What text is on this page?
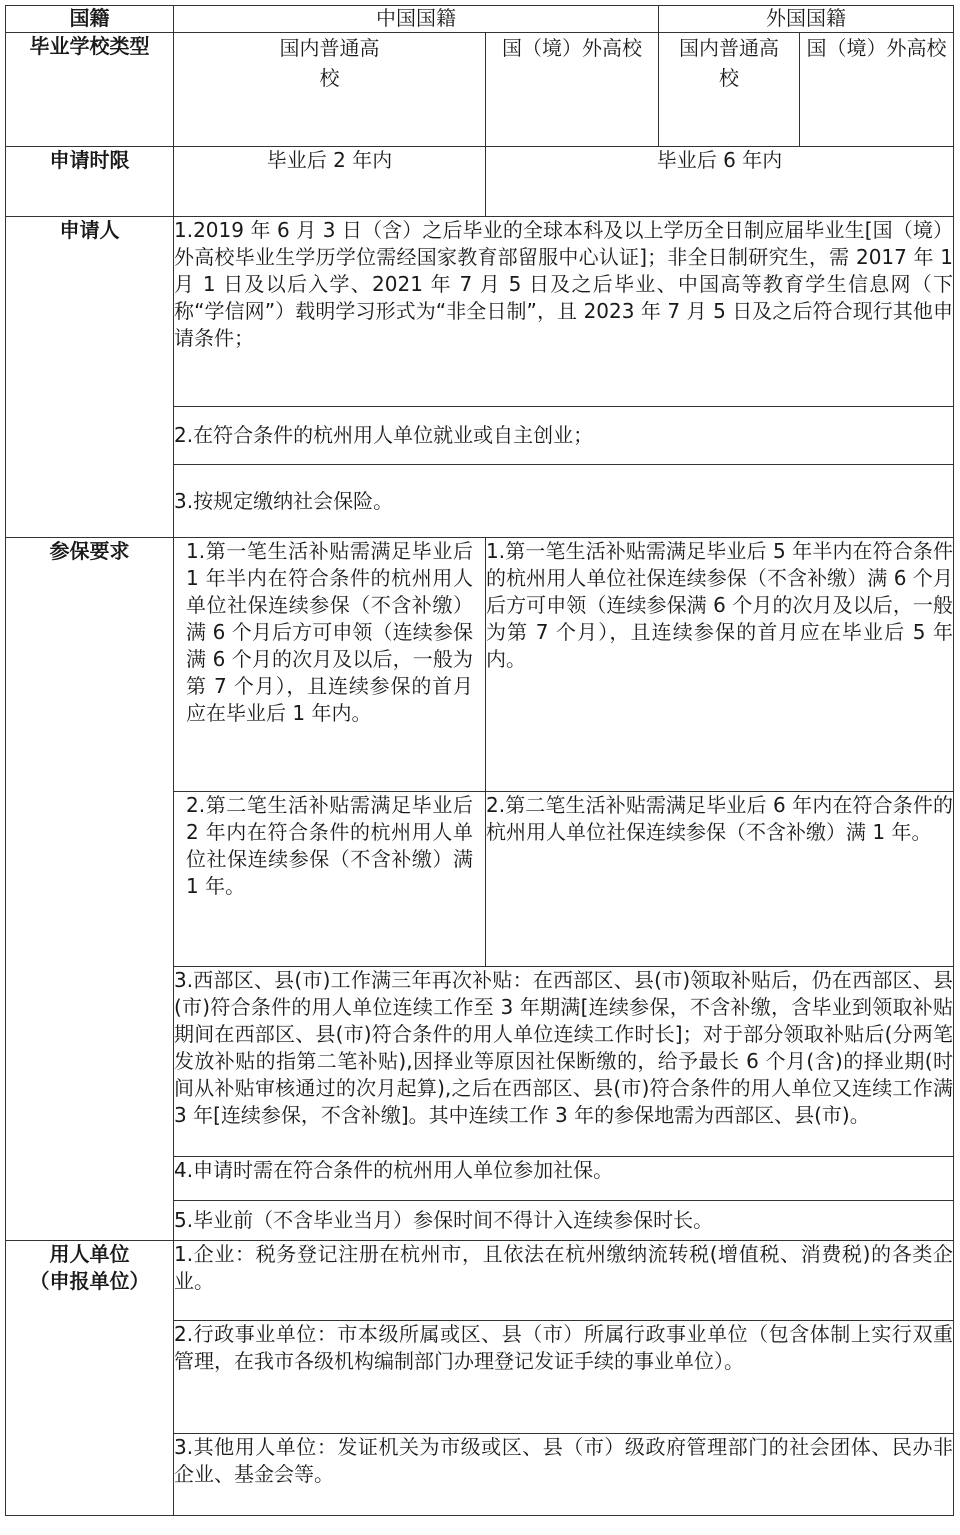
国籍	中国国籍		外国国籍	
毕业学校类型	国内普通高校	国（境）外高校	国内普通高校	国（境）外高校
申请时限	毕业后 2 年内	毕业后 6 年内		
申请人	1.2019 年 6 月 3 日（含）之后毕业的全球本科及以上学历全日制应届毕业生[国（境）外高校毕业生学历学位需经国家教育部留服中心认证]；非全日制研究生，需 2017 年 1 月 1 日及以后入学、2021 年 7 月 5 日及之后毕业、中国高等教育学生信息网（下称“学信网”）载明学习形式为“非全日制”，且 2023 年 7 月 5 日及之后符合现行其他申请条件；			
	2.在符合条件的杭州用人单位就业或自主创业；			
	3.按规定缴纳社会保险。			
参保要求	1.第一笔生活补贴需满足毕业后 1 年半内在符合条件的杭州用人单位社保连续参保（不含补缴）满 6 个月后方可申领（连续参保满 6 个月的次月及以后，一般为第 7 个月），且连续参保的首月应在毕业后 1 年内。	1.第一笔生活补贴需满足毕业后 5 年半内在符合条件的杭州用人单位社保连续参保（不含补缴）满 6 个月后方可申领（连续参保满 6 个月的次月及以后，一般为第 7 个月），且连续参保的首月应在毕业后 5 年内。		
	2.第二笔生活补贴需满足毕业后 2 年内在符合条件的杭州用人单位社保连续参保（不含补缴）满 1 年。	2.第二笔生活补贴需满足毕业后 6 年内在符合条件的杭州用人单位社保连续参保（不含补缴）满 1 年。		
	3.西部区、县(市)工作满三年再次补贴：在西部区、县(市)领取补贴后，仍在西部区、县(市)符合条件的用人单位连续工作至 3 年期满[连续参保，不含补缴，含毕业到领取补贴期间在西部区、县(市)符合条件的用人单位连续工作时长]；对于部分领取补贴后(分两笔发放补贴的指第二笔补贴),因择业等原因社保断缴的，给予最长 6 个月(含)的择业期(时间从补贴审核通过的次月起算),之后在西部区、县(市)符合条件的用人单位又连续工作满 3 年[连续参保，不含补缴]。其中连续工作 3 年的参保地需为西部区、县(市)。			
	4.申请时需在符合条件的杭州用人单位参加社保。			
	5.毕业前（不含毕业当月）参保时间不得计入连续参保时长。			

用人单位
（申报单位）	1.企业：税务登记注册在杭州市，且依法在杭州缴纳流转税(增值税、消费税)的各类企业。			
	2.行政事业单位：市本级所属或区、县（市）所属行政事业单位（包含体制上实行双重管理，在我市各级机构编制部门办理登记发证手续的事业单位）。			
	3.其他用人单位：发证机关为市级或区、县（市）级政府管理部门的社会团体、民办非企业、基金会等。			
